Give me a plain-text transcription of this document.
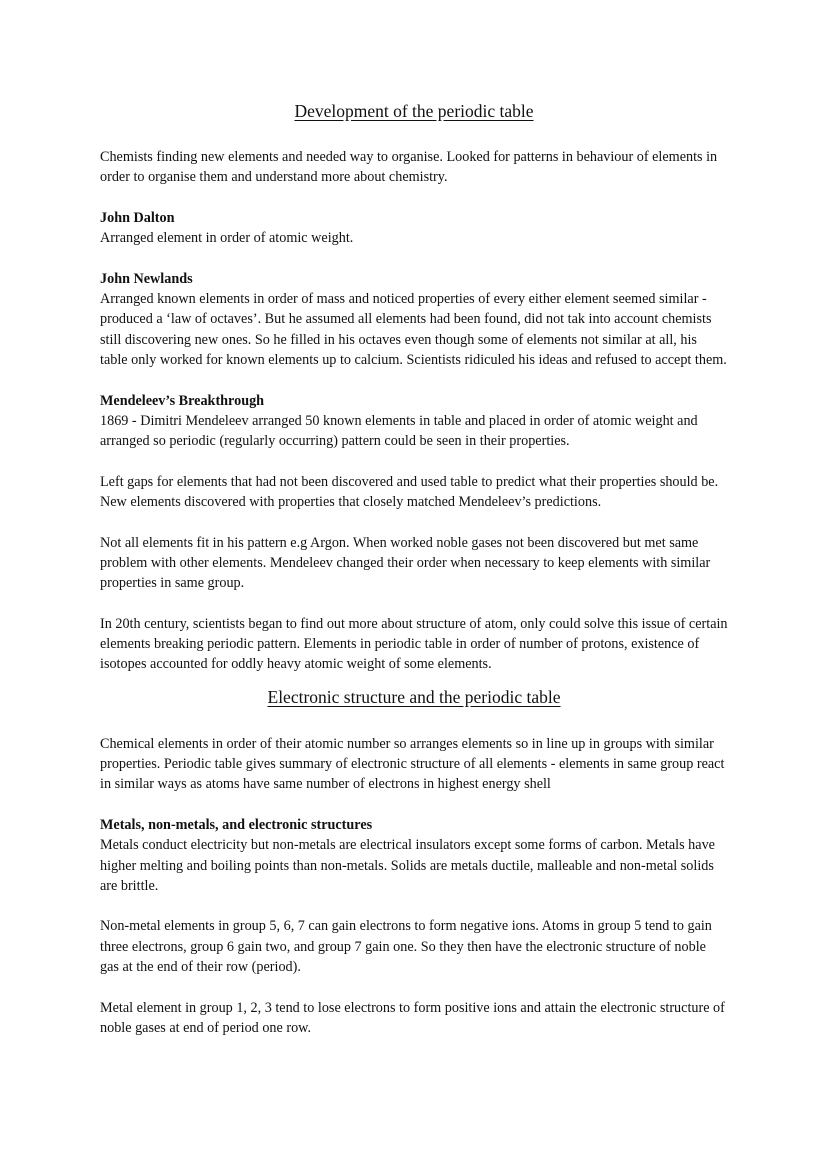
Development of the periodic table

Chemists finding new elements and needed way to organise. Looked for patterns in behaviour of elements in order to organise them and understand more about chemistry.

John Dalton

Arranged element in order of atomic weight.

John Newlands

Arranged known elements in order of mass and noticed properties of every either element seemed similar - produced a ‘law of octaves’. But he assumed all elements had been found, did not tak into account chemists still discovering new ones. So he filled in his octaves even though some of elements not similar at all, his table only worked for known elements up to calcium. Scientists ridiculed his ideas and refused to accept them.

Mendeleev’s Breakthrough

1869 - Dimitri Mendeleev arranged 50 known elements in table and placed in order of atomic weight and arranged so periodic (regularly occurring) pattern could be seen in their properties.

Left gaps for elements that had not been discovered and used table to predict what their properties should be. New elements discovered with properties that closely matched Mendeleev’s predictions.

Not all elements fit in his pattern e.g Argon. When worked noble gases not been discovered but met same problem with other elements. Mendeleev changed their order when necessary to keep elements with similar properties in same group.

In 20th century, scientists began to find out more about structure of atom, only could solve this issue of certain elements breaking periodic pattern. Elements in periodic table in order of number of protons, existence of isotopes accounted for oddly heavy atomic weight of some elements.

Electronic structure and the periodic table

Chemical elements in order of their atomic number so arranges elements so in line up in groups with similar properties. Periodic table gives summary of electronic structure of all elements - elements in same group react in similar ways as atoms have same number of electrons in highest energy shell

Metals, non-metals, and electronic structures

Metals conduct electricity but non-metals are electrical insulators except some forms of carbon. Metals have higher melting and boiling points than non-metals. Solids are metals ductile, malleable and non-metal solids are brittle.

Non-metal elements in group 5, 6, 7 can gain electrons to form negative ions. Atoms in group 5 tend to gain three electrons, group 6 gain two, and group 7 gain one. So they then have the electronic structure of noble gas at the end of their row (period).

Metal element in group 1, 2, 3 tend to lose electrons to form positive ions and attain the electronic structure of noble gases at end of period one row.
